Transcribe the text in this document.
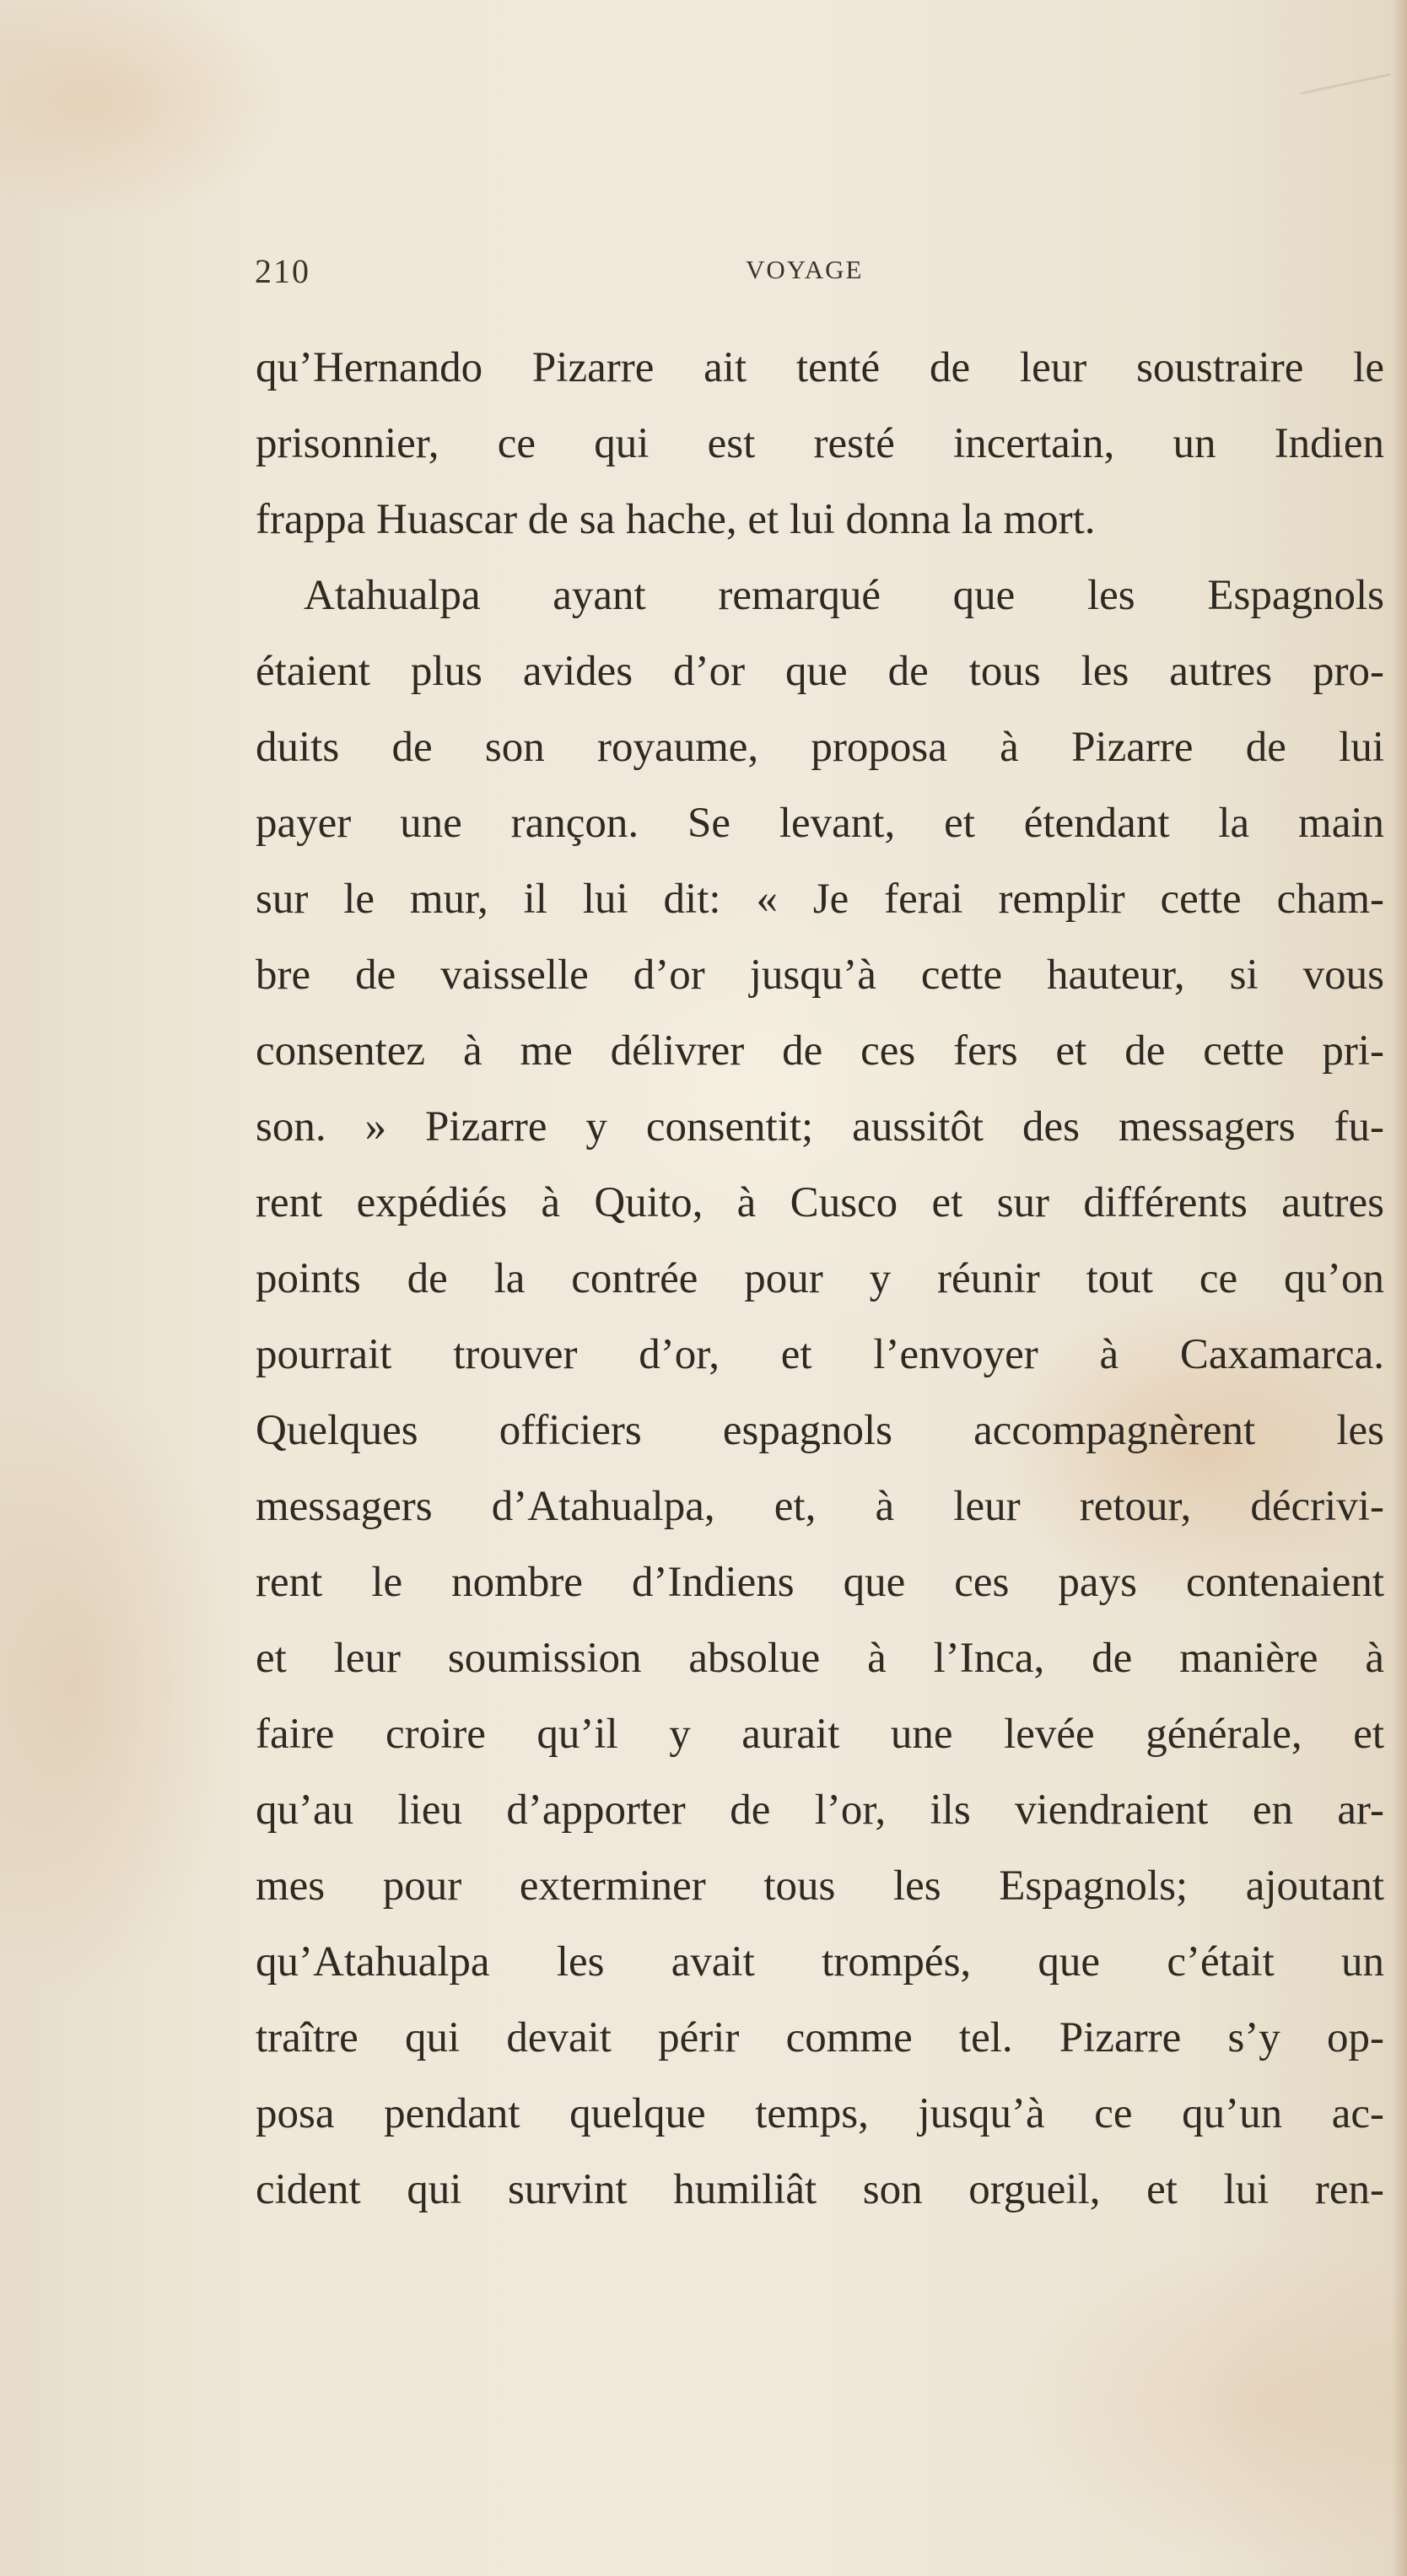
210	VOYAGE
qu’Hernando Pizarre ait tenté de leur soustraire le
prisonnier, ce qui est resté incertain, un Indien
frappa Huascar de sa hache, et lui donna la mort.
Atahualpa ayant remarqué que les Espagnols
étaient plus avides d’or que de tous les autres pro-
duits de son royaume, proposa à Pizarre de lui
payer une rançon. Se levant, et étendant la main
sur le mur, il lui dit: « Je ferai remplir cette cham-
bre de vaisselle d’or jusqu’à cette hauteur, si vous
consentez à me délivrer de ces fers et de cette pri-
son. » Pizarre y consentit; aussitôt des messagers fu-
rent expédiés à Quito, à Cusco et sur différents autres
points de la contrée pour y réunir tout ce qu’on
pourrait trouver d’or, et l’envoyer à Caxamarca.
Quelques officiers espagnols accompagnèrent les
messagers d’Atahualpa, et, à leur retour, décrivi-
rent le nombre d’Indiens que ces pays contenaient
et leur soumission absolue à l’Inca, de manière à
faire croire qu’il y aurait une levée générale, et
qu’au lieu d’apporter de l’or, ils viendraient en ar-
mes pour exterminer tous les Espagnols; ajoutant
qu’Atahualpa les avait trompés, que c’était un
traître qui devait périr comme tel. Pizarre s’y op-
posa pendant quelque temps, jusqu’à ce qu’un ac-
cident qui survint humiliât son orgueil, et lui ren-
